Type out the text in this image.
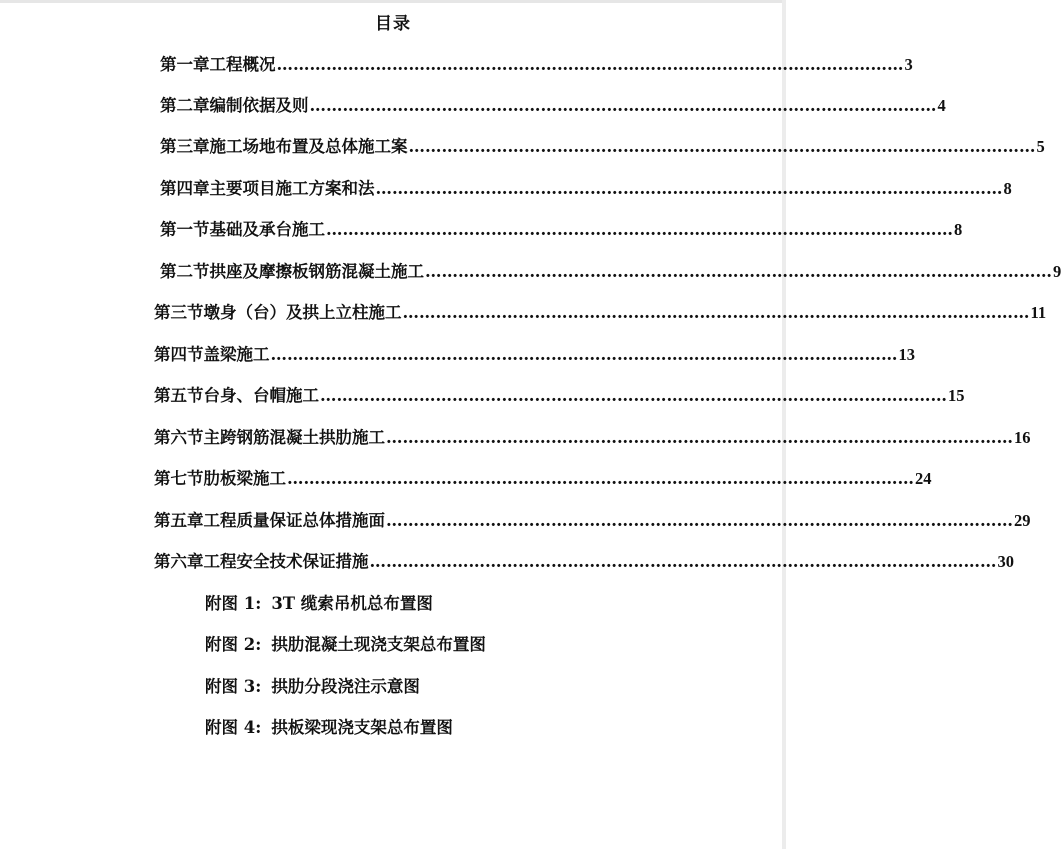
目录
第一章工程概况 …………………………………………………………………………………………………… 3
第二章编制依据及则 …………………………………………………………………………………………………… 4
第三章施工场地布置及总体施工案 …………………………………………………………………………………………………… 5
第四章主要项目施工方案和法 …………………………………………………………………………………………………… 8
第一节基础及承台施工 …………………………………………………………………………………………………… 8
第二节拱座及摩擦板钢筋混凝土施工 …………………………………………………………………………………………………… 9
第三节墩身（台）及拱上立柱施工 …………………………………………………………………………………………………… 11
第四节盖梁施工 …………………………………………………………………………………………………… 13
第五节台身、台帽施工 …………………………………………………………………………………………………… 15
第六节主跨钢筋混凝土拱肋施工 …………………………………………………………………………………………………… 16
第七节肋板梁施工 …………………………………………………………………………………………………… 24
第五章工程质量保证总体措施面 …………………………………………………………………………………………………… 29
第六章工程安全技术保证措施 …………………………………………………………………………………………………… 30
附图 1: 3T 缆索吊机总布置图
附图 2: 拱肋混凝土现浇支架总布置图
附图 3: 拱肋分段浇注示意图
附图 4: 拱板梁现浇支架总布置图
